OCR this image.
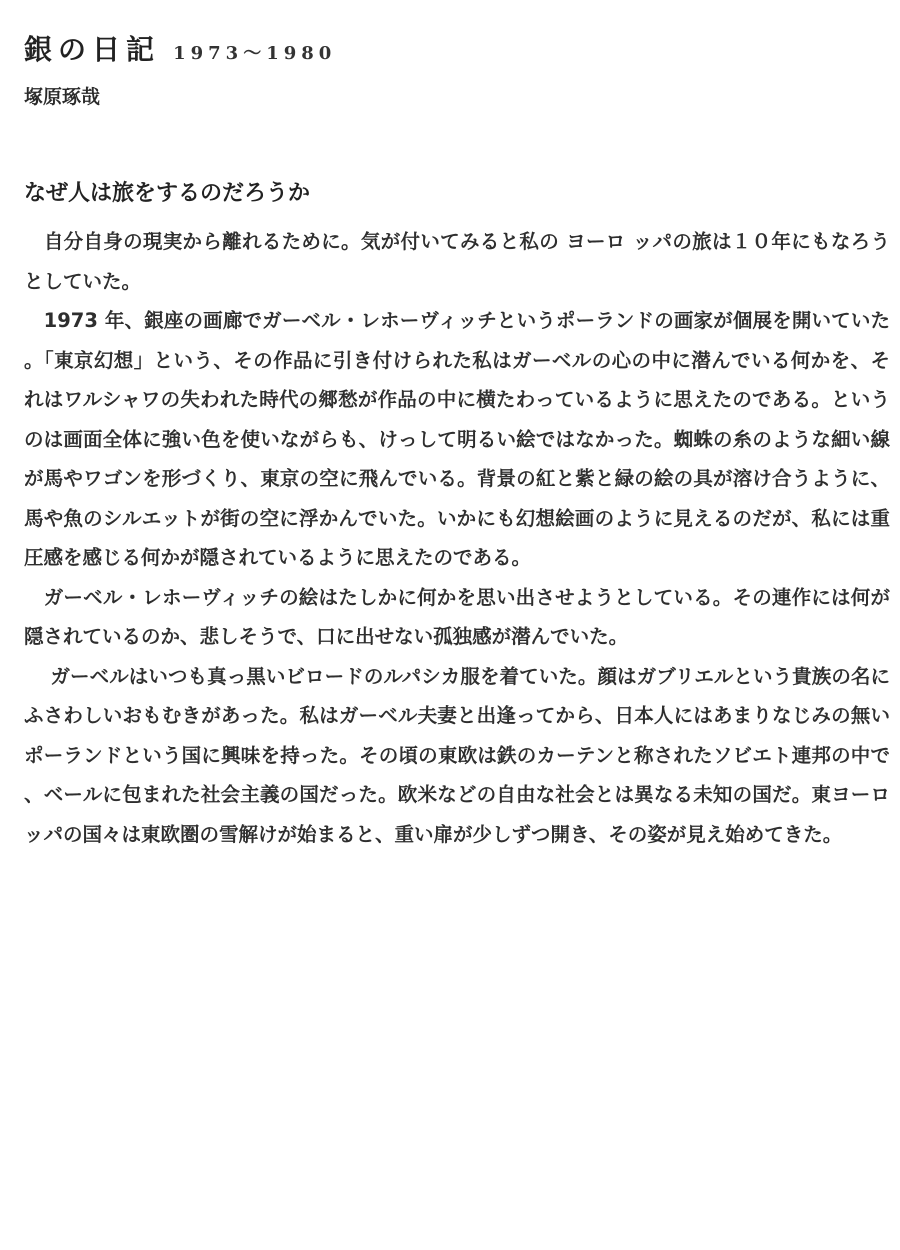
銀の日記 1973～1980
塚原琢哉
なぜ人は旅をするのだろうか

　自分自身の現実から離れるために。気が付いてみると私の ヨーロ ッパの旅は１０年にもなろうとしていた。

　1973 年、銀座の画廊でガーベル・レホーヴィッチというポーランドの画家が個展を開いていた。「東京幻想」という、その作品に引き付けられた私はガーベルの心の中に潜んでいる何かを、それはワルシャワの失われた時代の郷愁が作品の中に横たわっているように思えたのである。というのは画面全体に強い色を使いながらも、けっして明るい絵ではなかった。蜘蛛の糸のような細い線が馬やワゴンを形づくり、東京の空に飛んでいる。背景の紅と紫と緑の絵の具が溶け合うように、馬や魚のシルエットが街の空に浮かんでいた。いかにも幻想絵画のように見えるのだが、私には重圧感を感じる何かが隠されているように思えたのである。

　ガーベル・レホーヴィッチの絵はたしかに何かを思い出させようとしている。その連作には何が隠されているのか、悲しそうで、口に出せない孤独感が潜んでいた。

　 ガーベルはいつも真っ黒いビロードのルパシカ服を着ていた。顔はガブリエルという貴族の名にふさわしいおもむきがあった。私はガーベル夫妻と出逢ってから、日本人にはあまりなじみの無いポーランドという国に興味を持った。その頃の東欧は鉄のカーテンと称されたソビエト連邦の中で、ベールに包まれた社会主義の国だった。欧米などの自由な社会とは異なる未知の国だ。東ヨーロッパの国々は東欧圏の雪解けが始まると、重い扉が少しずつ開き、その姿が見え始めてきた。
